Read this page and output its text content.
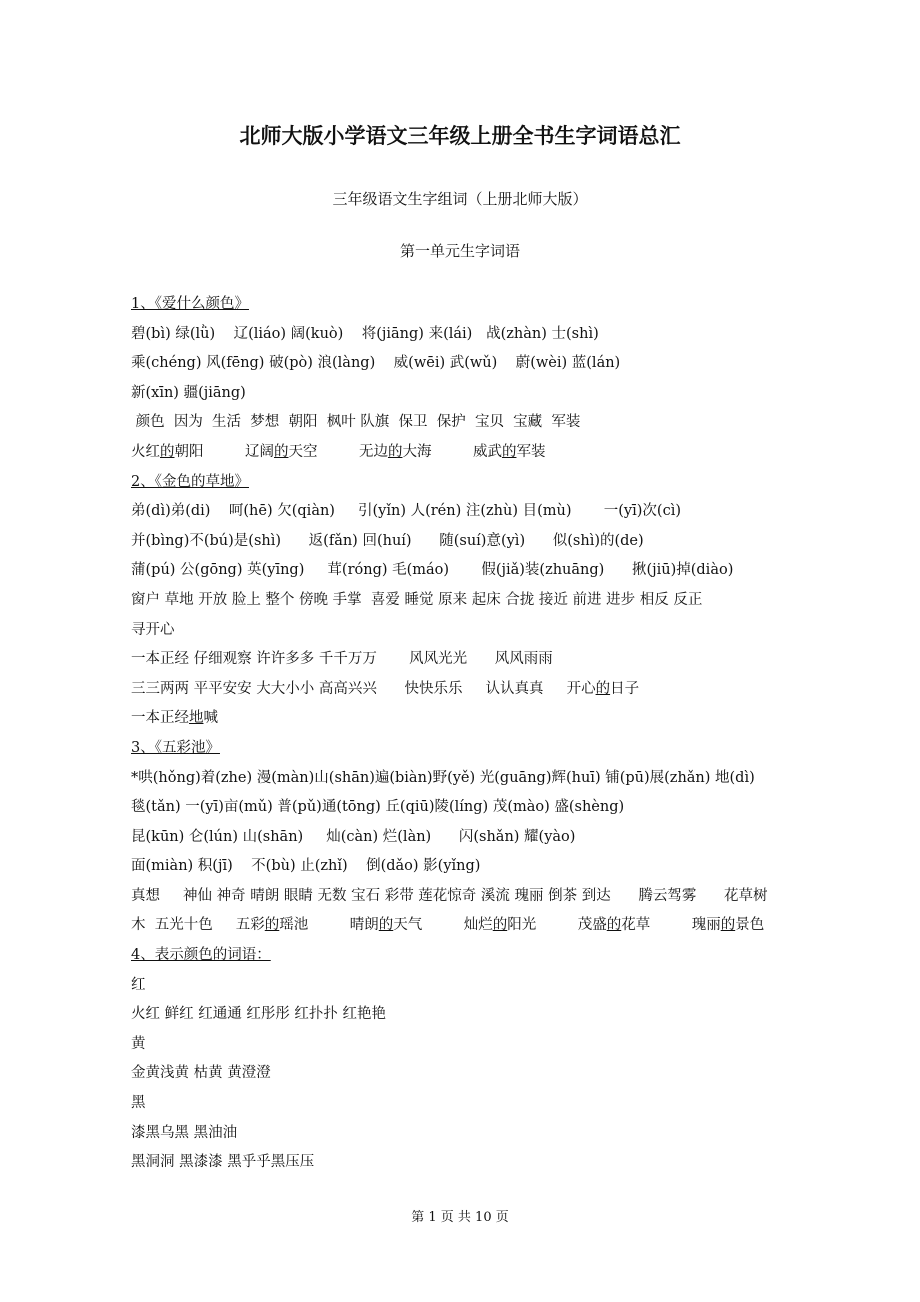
北师大版小学语文三年级上册全书生字词语总汇
三年级语文生字组词（上册北师大版）
第一单元生字词语
1、《爱什么颜色》
碧(bì) 绿(lǜ)    辽(liáo) 阔(kuò)    将(jiāng) 来(lái)   战(zhàn) 士(shì)
乘(chéng) 风(fēng) 破(pò) 浪(làng)    威(wēi) 武(wǔ)    蔚(wèi) 蓝(lán)
新(xīn) 疆(jiāng)
颜色  因为  生活  梦想  朝阳  枫叶 队旗  保卫  保护  宝贝  宝藏  军装
火红的朝阳	辽阔的天空	无边的大海	威武的军装
2、《金色的草地》
弟(dì)弟(di)    呵(hē) 欠(qiàn)     引(yǐn) 人(rén) 注(zhù) 目(mù)       一(yī)次(cì)
并(bìng)不(bú)是(shì)      返(fǎn) 回(huí)      随(suí)意(yì)      似(shì)的(de)
蒲(pú) 公(gōng) 英(yīng)     茸(róng) 毛(máo)       假(jiǎ)装(zhuāng)      揪(jiū)掉(diào)
窗户 草地 开放 脸上 整个 傍晚 手掌  喜爱 睡觉 原来 起床 合拢 接近 前进 进步 相反 反正
寻开心
一本正经 仔细观察 许许多多 千千万万       风风光光      风风雨雨
三三两两 平平安安 大大小小 高高兴兴      快快乐乐     认认真真     开心的日子
一本正经地喊
3、《五彩池》
*哄(hǒng)着(zhe) 漫(màn)山(shān)遍(biàn)野(yě) 光(guāng)辉(huī) 铺(pū)展(zhǎn) 地(dì)
毯(tǎn) 一(yī)亩(mǔ) 普(pǔ)通(tōng) 丘(qiū)陵(líng) 茂(mào) 盛(shèng)
昆(kūn) 仑(lún) 山(shān)     灿(càn) 烂(làn)      闪(shǎn) 耀(yào)
面(miàn) 积(jī)    不(bù) 止(zhǐ)    倒(dǎo) 影(yǐng)
真想     神仙 神奇 晴朗 眼睛 无数 宝石 彩带 莲花惊奇 溪流 瑰丽 倒茶 到达      腾云驾雾      花草树
木  五光十色     五彩的瑶池	晴朗的天气	灿烂的阳光	茂盛的花草	瑰丽的景色
4、表示颜色的词语：
红
火红 鲜红 红通通 红彤彤 红扑扑 红艳艳
黄
金黄浅黄 枯黄 黄澄澄
黑
漆黑乌黑 黑油油
黑洞洞 黑漆漆 黑乎乎黑压压
第 1 页 共 10 页
